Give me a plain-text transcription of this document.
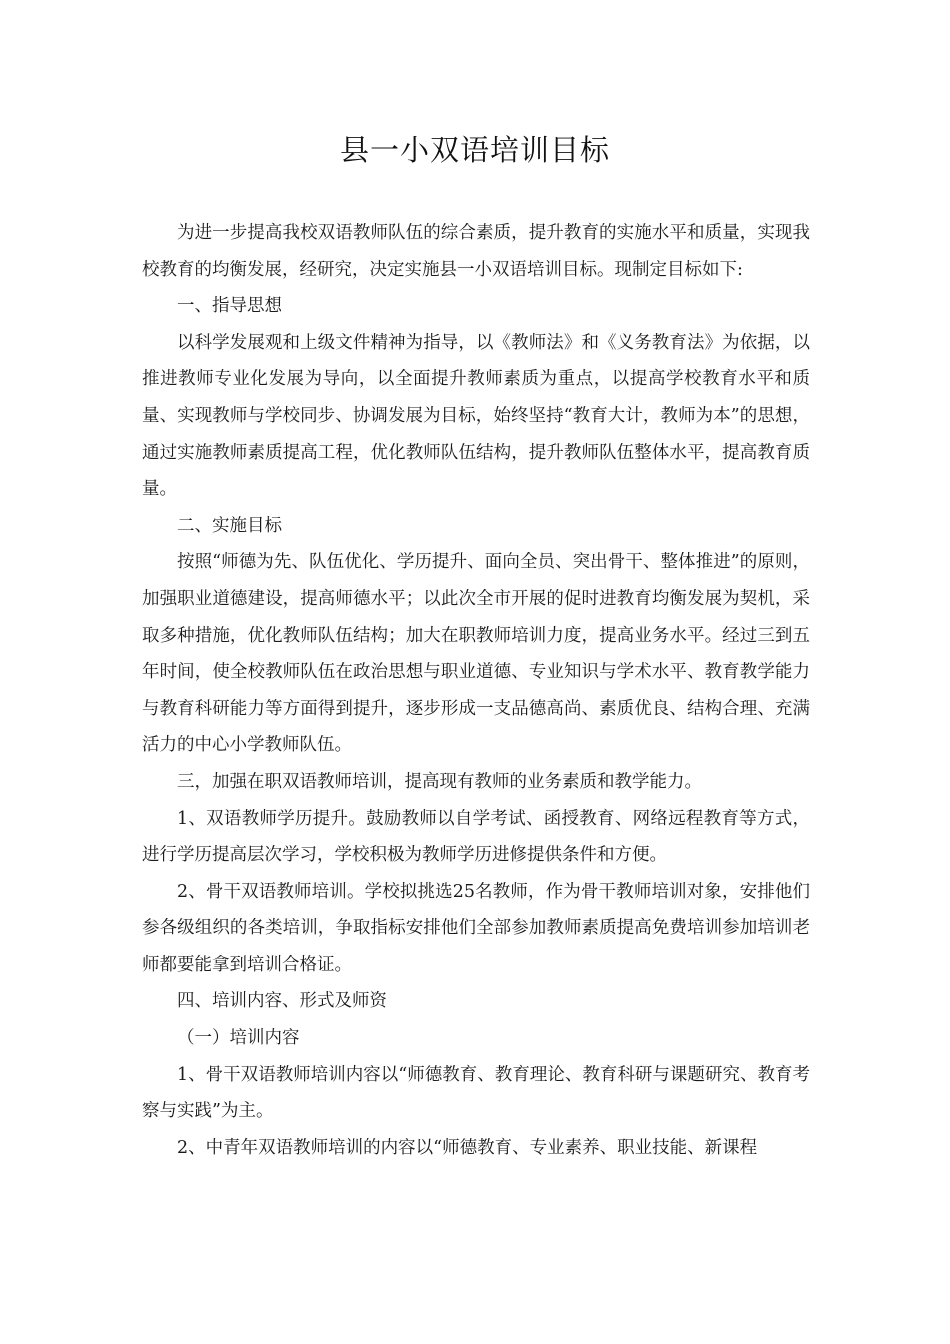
县一小双语培训目标

为进一步提高我校双语教师队伍的综合素质，提升教育的实施水平和质量，实现我校教育的均衡发展，经研究，决定实施县一小双语培训目标。现制定目标如下:

一、指导思想

以科学发展观和上级文件精神为指导，以《教师法》和《义务教育法》为依据，以推进教师专业化发展为导向，以全面提升教师素质为重点，以提高学校教育水平和质量、实现教师与学校同步、协调发展为目标，始终坚持“教育大计，教师为本”的思想，通过实施教师素质提高工程，优化教师队伍结构，提升教师队伍整体水平，提高教育质量。

二、实施目标

按照“师德为先、队伍优化、学历提升、面向全员、突出骨干、整体推进”的原则，加强职业道德建设，提高师德水平；以此次全市开展的促时进教育均衡发展为契机，采取多种措施，优化教师队伍结构；加大在职教师培训力度，提高业务水平。经过三到五年时间，使全校教师队伍在政治思想与职业道德、专业知识与学术水平、教育教学能力与教育科研能力等方面得到提升，逐步形成一支品德高尚、素质优良、结构合理、充满活力的中心小学教师队伍。

三，加强在职双语教师培训，提高现有教师的业务素质和教学能力。

1、双语教师学历提升。鼓励教师以自学考试、函授教育、网络远程教育等方式，进行学历提高层次学习，学校积极为教师学历进修提供条件和方便。

2、骨干双语教师培训。学校拟挑选25名教师，作为骨干教师培训对象，安排他们参各级组织的各类培训，争取指标安排他们全部参加教师素质提高免费培训参加培训老师都要能拿到培训合格证。

四、培训内容、形式及师资

（一）培训内容

1、骨干双语教师培训内容以“师德教育、教育理论、教育科研与课题研究、教育考察与实践”为主。

2、中青年双语教师培训的内容以“师德教育、专业素养、职业技能、新课程
